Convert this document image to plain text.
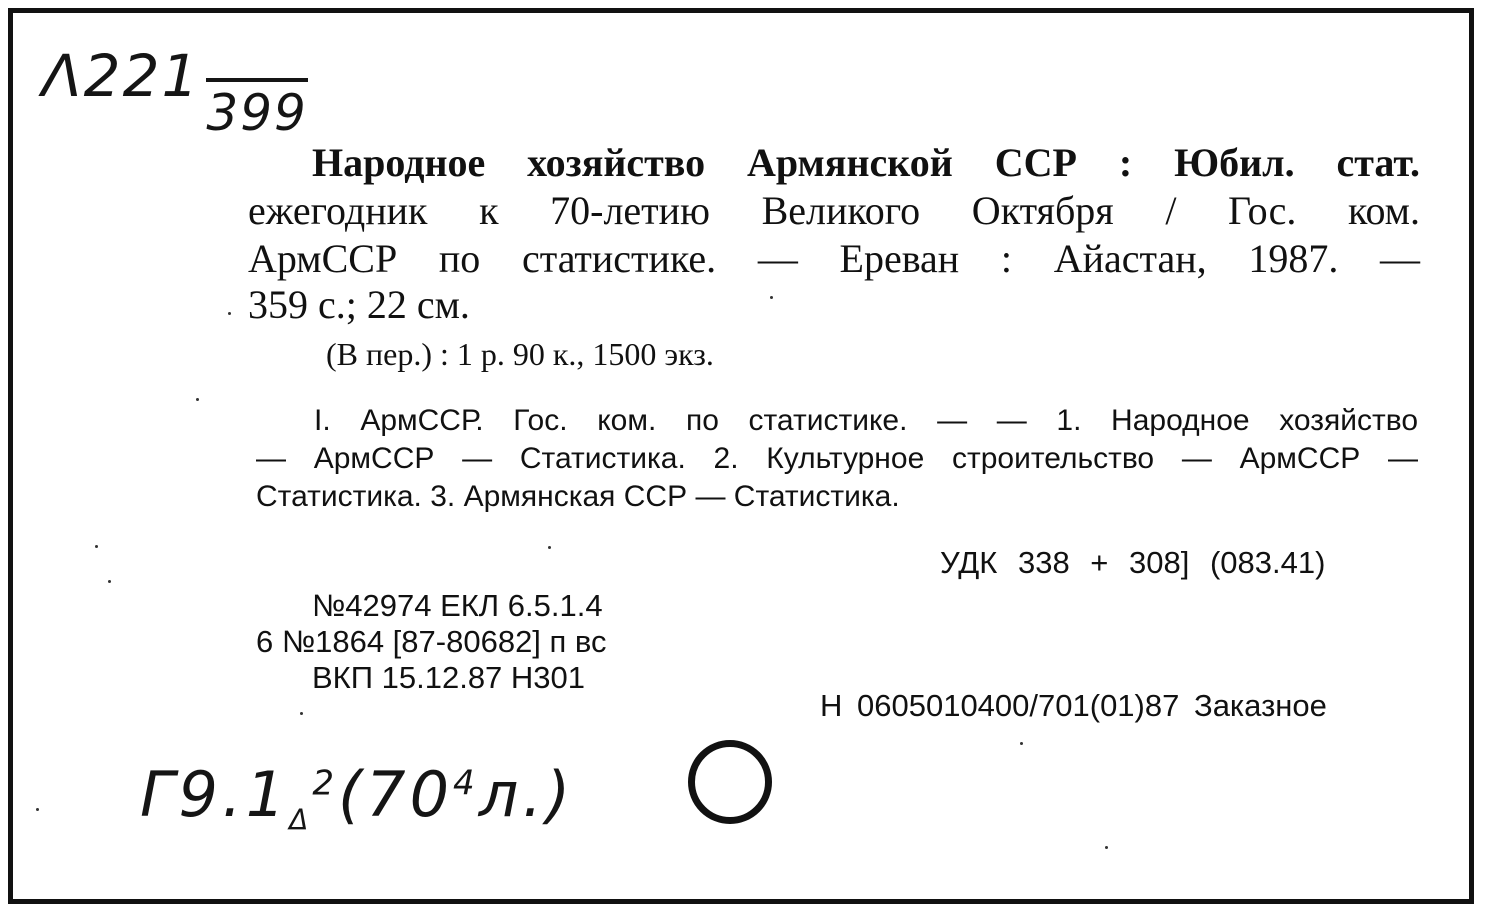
Λ221399
Народное хозяйство Армянской ССР : Юбил. стат.
ежегодник к 70-летию Великого Октября / Гос. ком.
АрмССР по статистике. — Ереван : Айастан, 1987. —
359 с.; 22 см.
(В пер.) : 1 р. 90 к., 1500 экз.
I. АрмССР. Гос. ком. по статистике. — — 1. Народное хозяйство
— АрмССР — Статистика. 2. Культурное строительство — АрмССР —
Статистика. 3. Армянская ССР — Статистика.
УДК 338 + 308] (083.41)
№42974 ЕКЛ 6.5.1.4
6 №1864 [87-80682] п вс
ВКП 15.12.87 Н301
Н 0605010400/701(01)87 Заказное
$Г9.1_\Delta^2(70^4л.)$
